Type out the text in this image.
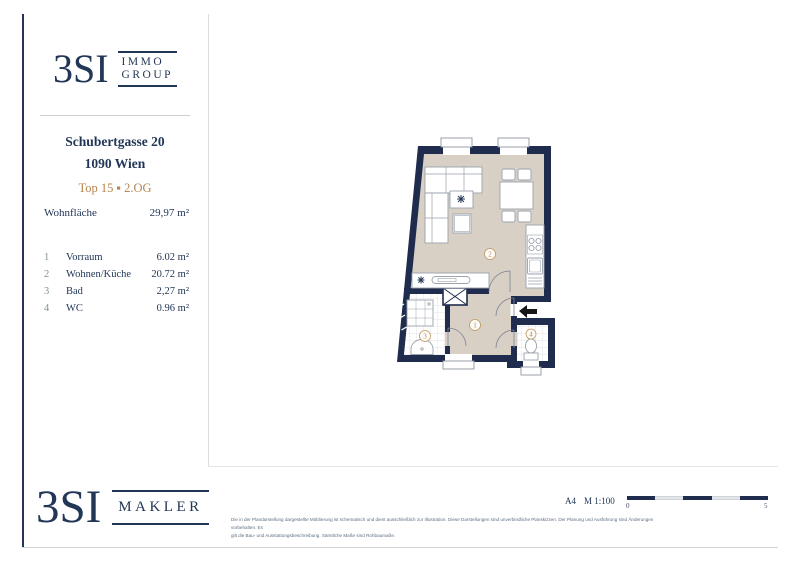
3SI IMMO
GROUP
Schubertgasse 20
1090 Wien
Top 15 ▪ 2.OG
Wohnfläche	29,97 m²
1	Vorraum	6.02 m²
2	Wohnen/Küche	20.72 m²
3	Bad	2,27 m²
4	WC	0.96 m²
1
2
3	4
3SI MAKLER
Die in der Plandarstellung dargestellte Möblierung ist schematisch und dient ausschließlich zur Illustration. Diese Darstellungen sind unverbindliche Planskizzen. Der Planung und Ausführung sind Änderungen vorbehalten. Es
gilt die Bau- und Ausstattungsbeschreibung. Sämtliche Maße sind Rohbaumaße.
A4 M 1:100 0	5
